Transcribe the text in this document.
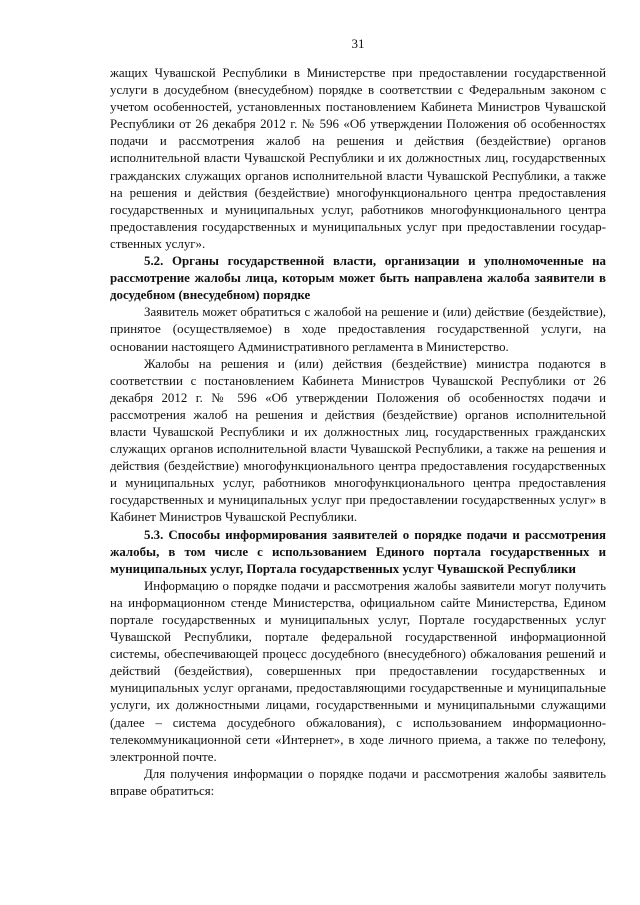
31

жащих Чувашской Республики в Министерстве при предоставлении государственной услуги в досудебном (внесудебном) порядке в соответствии с Федеральным законом с учетом особенностей, установленных постановлением Кабинета Министров Чувашской Республики от 26 декабря 2012 г. № 596 «Об утверждении Положения об особенностях подачи и рассмотрения жалоб на решения и действия (бездействие) органов исполнительной власти Чувашской Республики и их должностных лиц, государственных гражданских служащих органов исполнительной власти Чувашской Республики, а также на решения и действия (бездействие) многофункционального центра предоставления государственных и муниципальных услуг, работников многофункционального центра предоставления государственных и муниципальных услуг при предоставлении государственных услуг».

5.2. Органы государственной власти, организации и уполномоченные на рассмотрение жалобы лица, которым может быть направлена жалоба заявители в досудебном (внесудебном) порядке

Заявитель может обратиться с жалобой на решение и (или) действие (бездействие), принятое (осуществляемое) в ходе предоставления государственной услуги, на основании настоящего Административного регламента в Министерство.

Жалобы на решения и (или) действия (бездействие) министра подаются в соответствии с постановлением Кабинета Министров Чувашской Республики от 26 декабря 2012 г. № 596 «Об утверждении Положения об особенностях подачи и рассмотрения жалоб на решения и действия (бездействие) органов исполнительной власти Чувашской Республики и их должностных лиц, государственных гражданских служащих органов исполнительной власти Чувашской Республики, а также на решения и действия (бездействие) многофункционального центра предоставления государственных и муниципальных услуг, работников многофункционального центра предоставления государственных и муниципальных услуг при предоставлении государственных услуг» в Кабинет Министров Чувашской Республики.

5.3. Способы информирования заявителей о порядке подачи и рассмотрения жалобы, в том числе с использованием Единого портала государственных и муниципальных услуг, Портала государственных услуг Чувашской Республики

Информацию о порядке подачи и рассмотрения жалобы заявители могут получить на информационном стенде Министерства, официальном сайте Министерства, Едином портале государственных и муниципальных услуг, Портале государственных услуг Чувашской Республики, портале федеральной государственной информационной системы, обеспечивающей процесс досудебного (внесудебного) обжалования решений и действий (бездействия), совершенных при предоставлении государственных и муниципальных услуг органами, предоставляющими государственные и муниципальные услуги, их должностными лицами, государственными и муниципальными служащими (далее – система досудебного обжалования), с использованием информационно-телекоммуникационной сети «Интернет», в ходе личного приема, а также по телефону, электронной почте.

Для получения информации о порядке подачи и рассмотрения жалобы заявитель вправе обратиться:
